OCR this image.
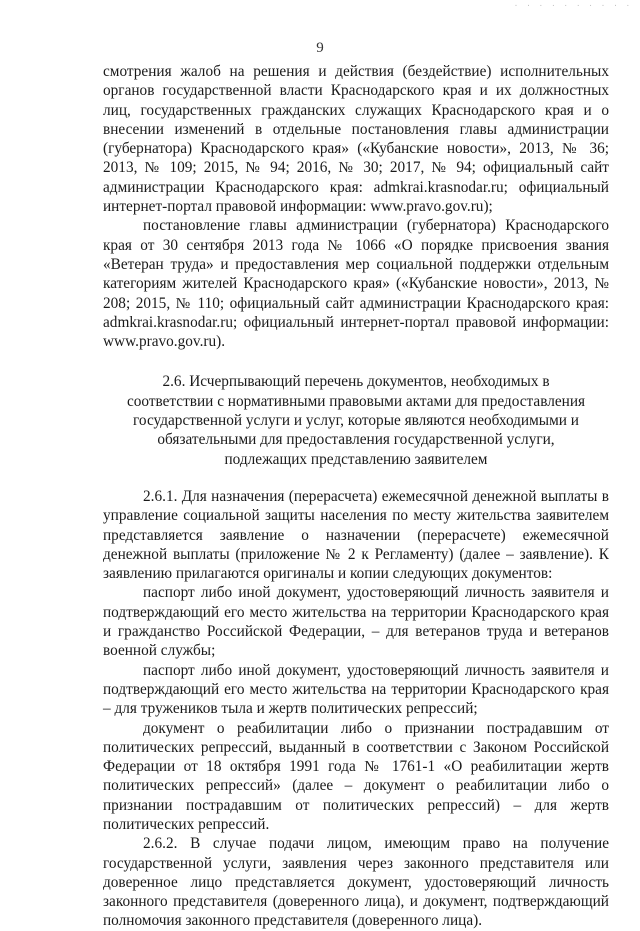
· · · · · · · · · ·
9

смотрения жалоб на решения и действия (бездействие) исполнительных органов государственной власти Краснодарского края и их должностных лиц, государственных гражданских служащих Краснодарского края и о внесении изменений в отдельные постановления главы администрации (губернатора) Краснодарского края» («Кубанские новости», 2013, № 36; 2013, № 109; 2015, № 94; 2016, № 30; 2017, № 94; официальный сайт администрации Краснодарского края: admkrai.krasnodar.ru; официальный интернет-портал правовой информации: www.pravo.gov.ru);

постановление главы администрации (губернатора) Краснодарского края от 30 сентября 2013 года № 1066 «О порядке присвоения звания «Ветеран труда» и предоставления мер социальной поддержки отдельным категориям жителей Краснодарского края» («Кубанские новости», 2013, № 208; 2015, № 110; официальный сайт администрации Краснодарского края: admkrai.krasnodar.ru; официальный интернет-портал правовой информации: www.pravo.gov.ru).

2.6. Исчерпывающий перечень документов, необходимых в соответствии с нормативными правовыми актами для предоставления государственной услуги и услуг, которые являются необходимыми и обязательными для предоставления государственной услуги, подлежащих представлению заявителем

2.6.1. Для назначения (перерасчета) ежемесячной денежной выплаты в управление социальной защиты населения по месту жительства заявителем представляется заявление о назначении (перерасчете) ежемесячной денежной выплаты (приложение № 2 к Регламенту) (далее – заявление). К заявлению прилагаются оригиналы и копии следующих документов:

паспорт либо иной документ, удостоверяющий личность заявителя и подтверждающий его место жительства на территории Краснодарского края и гражданство Российской Федерации, – для ветеранов труда и ветеранов военной службы;

паспорт либо иной документ, удостоверяющий личность заявителя и подтверждающий его место жительства на территории Краснодарского края – для тружеников тыла и жертв политических репрессий;

документ о реабилитации либо о признании пострадавшим от политических репрессий, выданный в соответствии с Законом Российской Федерации от 18 октября 1991 года № 1761-1 «О реабилитации жертв политических репрессий» (далее – документ о реабилитации либо о признании пострадавшим от политических репрессий) – для жертв политических репрессий.

2.6.2. В случае подачи лицом, имеющим право на получение государственной услуги, заявления через законного представителя или доверенное лицо представляется документ, удостоверяющий личность законного представителя (доверенного лица), и документ, подтверждающий полномочия законного представителя (доверенного лица).
